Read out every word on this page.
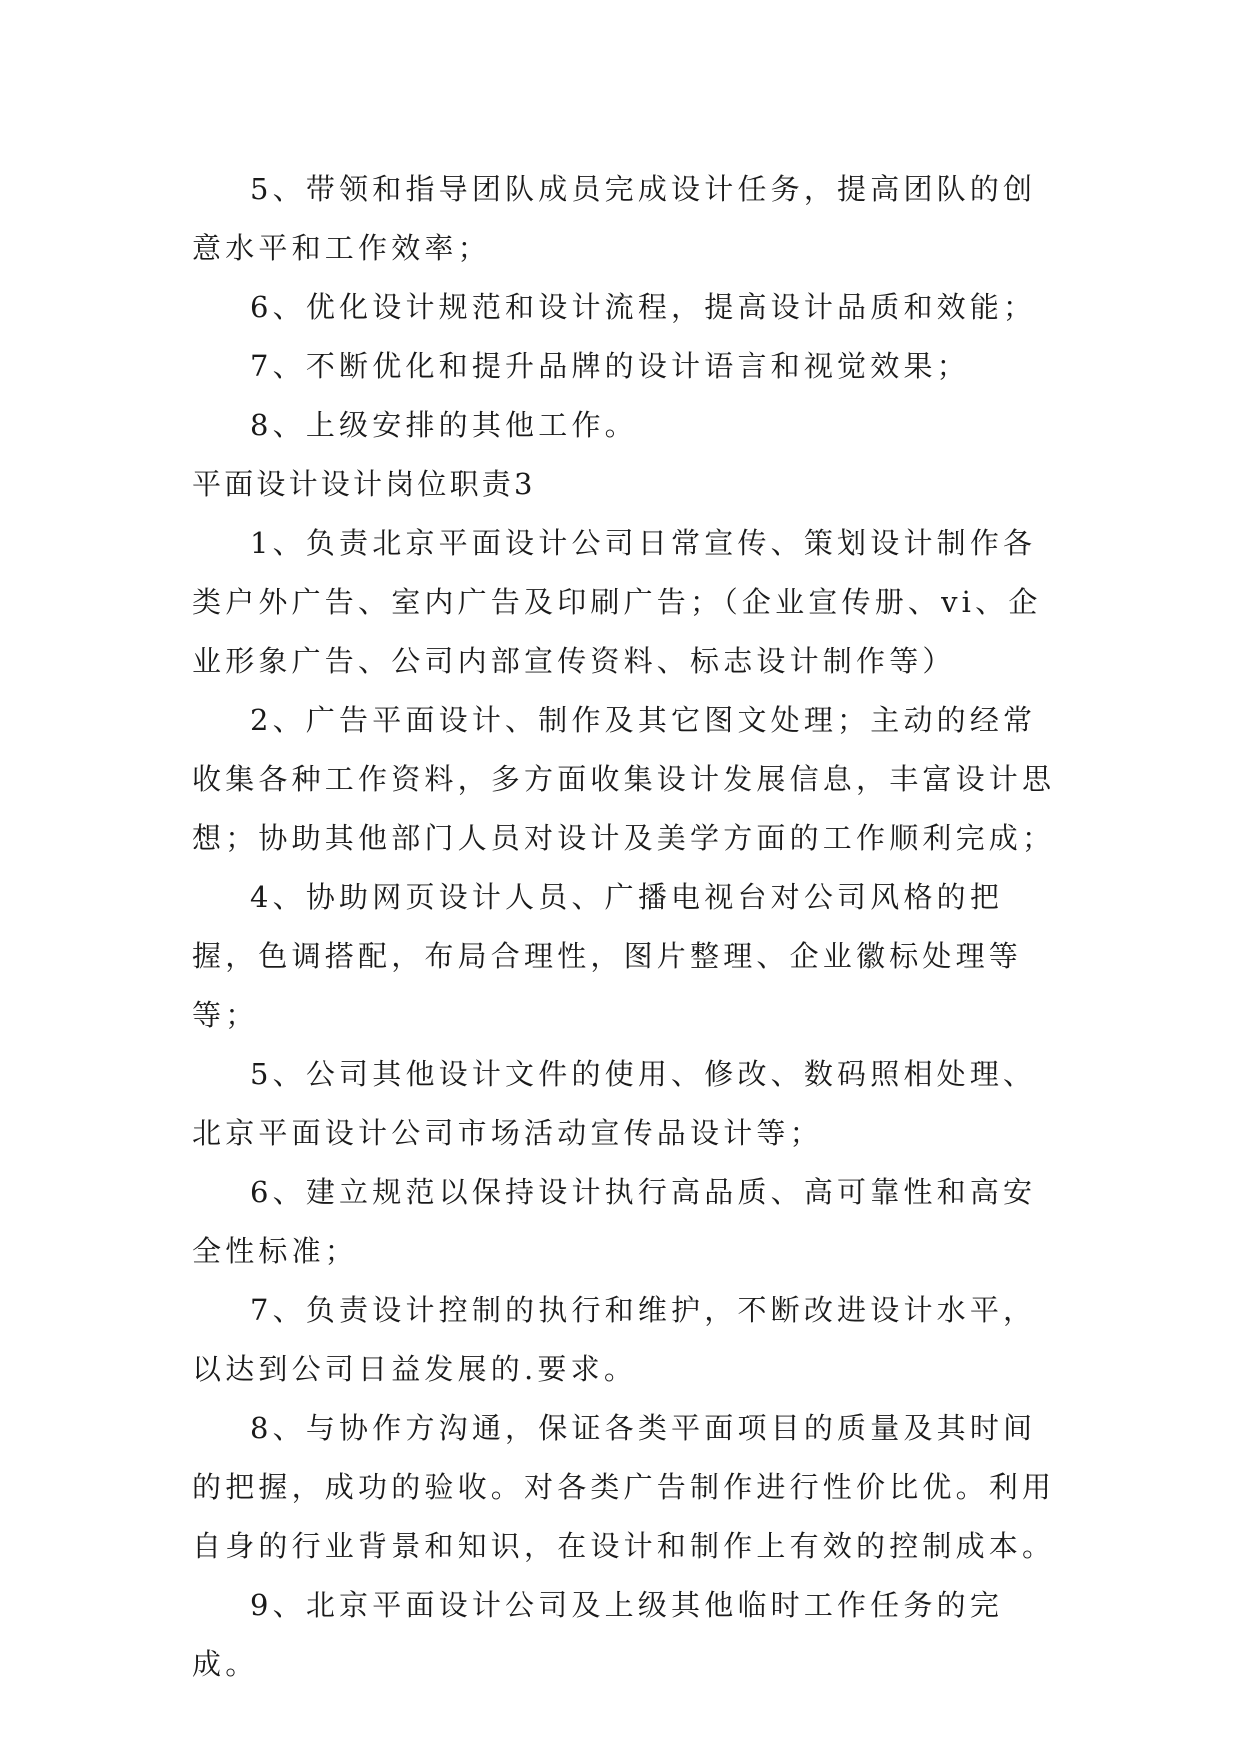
5、带领和指导团队成员完成设计任务，提高团队的创意水平和工作效率；

6、优化设计规范和设计流程，提高设计品质和效能；

7、不断优化和提升品牌的设计语言和视觉效果；

8、上级安排的其他工作。

平面设计设计岗位职责3

1、负责北京平面设计公司日常宣传、策划设计制作各类户外广告、室内广告及印刷广告；（企业宣传册、vi、企业形象广告、公司内部宣传资料、标志设计制作等）

2、广告平面设计、制作及其它图文处理；主动的经常收集各种工作资料，多方面收集设计发展信息，丰富设计思想；协助其他部门人员对设计及美学方面的工作顺利完成；

4、协助网页设计人员、广播电视台对公司风格的把握，色调搭配，布局合理性，图片整理、企业徽标处理等等；

5、公司其他设计文件的使用、修改、数码照相处理、北京平面设计公司市场活动宣传品设计等；

6、建立规范以保持设计执行高品质、高可靠性和高安全性标准；

7、负责设计控制的执行和维护，不断改进设计水平，以达到公司日益发展的.要求。

8、与协作方沟通，保证各类平面项目的质量及其时间的把握，成功的验收。对各类广告制作进行性价比优。利用自身的行业背景和知识，在设计和制作上有效的控制成本。

9、北京平面设计公司及上级其他临时工作任务的完成。
